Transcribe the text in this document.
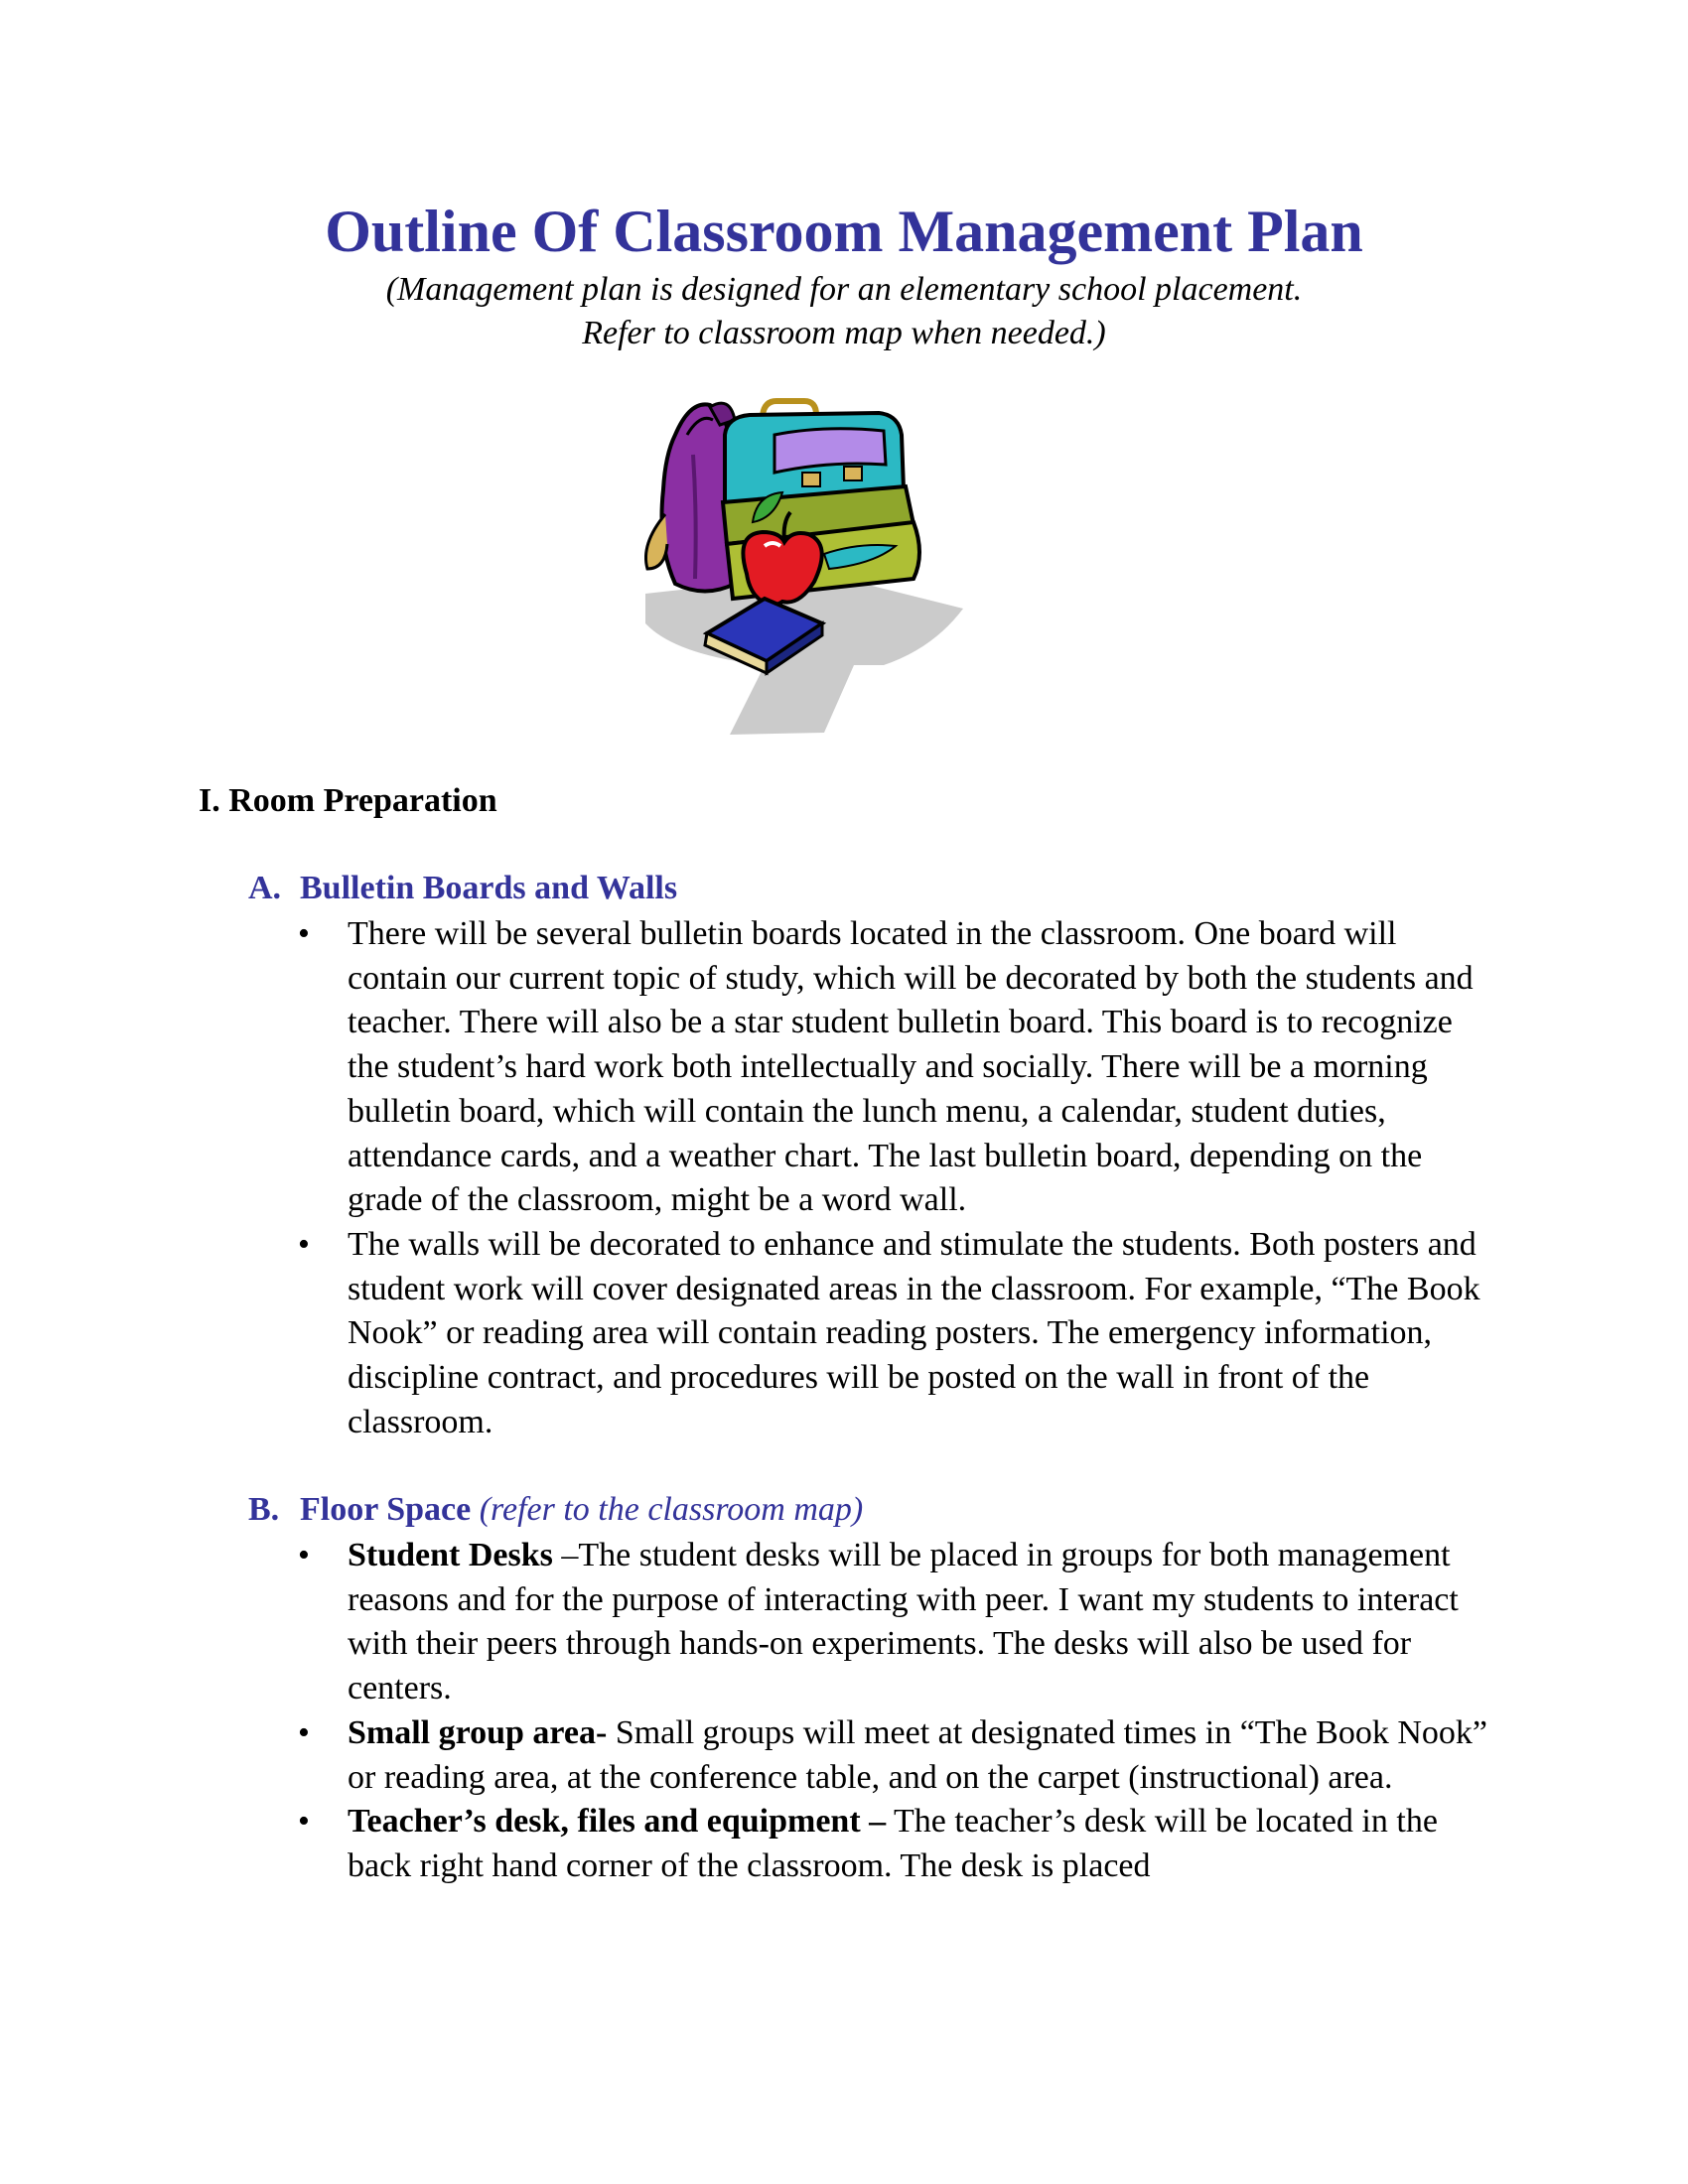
Outline Of Classroom Management Plan
(Management plan is designed for an elementary school placement.
Refer to classroom map when needed.)
I. Room Preparation
A. Bulletin Boards and Walls
• There will be several bulletin boards located in the classroom. One board will contain our current topic of study, which will be decorated by both the students and teacher. There will also be a star student bulletin board. This board is to recognize the student’s hard work both intellectually and socially. There will be a morning bulletin board, which will contain the lunch menu, a calendar, student duties, attendance cards, and a weather chart. The last bulletin board, depending on the grade of the classroom, might be a word wall.
• The walls will be decorated to enhance and stimulate the students. Both posters and student work will cover designated areas in the classroom. For example, “The Book Nook” or reading area will contain reading posters. The emergency information, discipline contract, and procedures will be posted on the wall in front of the classroom.
B. Floor Space (refer to the classroom map)
• Student Desks –The student desks will be placed in groups for both management reasons and for the purpose of interacting with peer. I want my students to interact with their peers through hands-on experiments. The desks will also be used for centers.
• Small group area- Small groups will meet at designated times in “The Book Nook” or reading area, at the conference table, and on the carpet (instructional) area.
• Teacher’s desk, files and equipment – The teacher’s desk will be located in the back right hand corner of the classroom. The desk is placed
